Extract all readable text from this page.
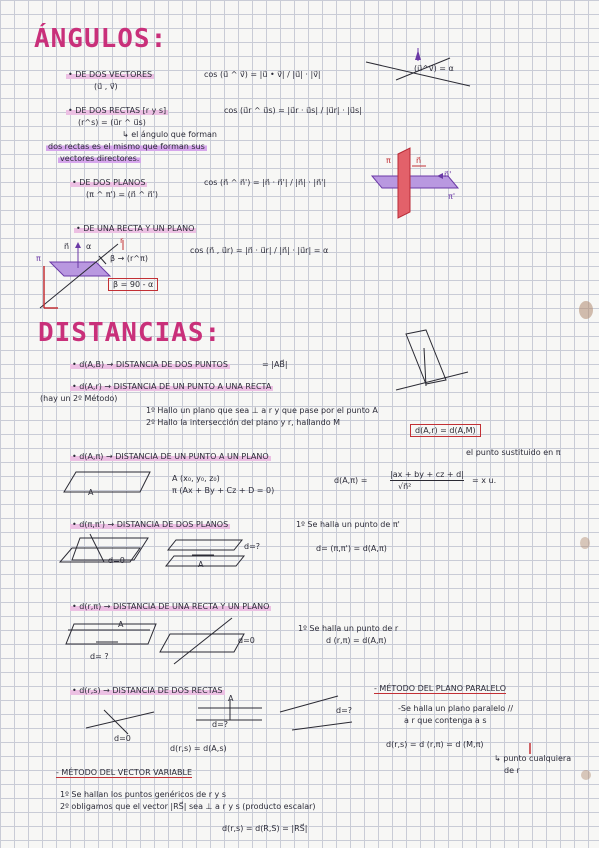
ÁNGULOS:
• DE DOS VECTORES
(u⃗ , v⃗)
cos (u⃗ ^ v⃗) = |u⃗ • v⃗| / |u⃗| · |v⃗|
(u⃗^v⃗) = α
• DE DOS RECTAS [r y s]
(r^s) = (u⃗r ^ u⃗s)
cos (u⃗r ^ u⃗s) = |u⃗r · u⃗s| / |u⃗r| · |u⃗s|
↳ el ángulo que forman
dos rectas es el mismo que forman sus
vectores directores.
• DE DOS PLANOS
(π ^ π') = (n⃗ ^ n⃗')
cos (n⃗ ^ n⃗') = |n⃗ · n⃗'| / |n⃗| · |n⃗'|
π
π'
n⃗
n⃗'
• DE UNA RECTA Y UN PLANO
cos (n⃗ , u⃗r) = |n⃗ · u⃗r| / |n⃗| · |u⃗r| = α
β → (r^π)
β = 90 - α
π
n⃗ α
r
DISTANCIAS:
• d(A,B) → DISTANCIA DE DOS PUNTOS	= |AB⃗|
• d(A,r) → DISTANCIA DE UN PUNTO A UNA RECTA
(hay un 2º Método)
1º Hallo un plano que sea ⊥ a r y que pase por el punto A
2º Hallo la intersección del plano y r, hallando M
d(A,r) = d(A,M)
• d(A,π) → DISTANCIA DE UN PUNTO A UN PLANO	el punto sustituido en π
A (x₀, y₀, z₀)
π (Ax + By + Cz + D = 0)
A
d(A,π) =
|ax + by + cz + d|
√n⃗²
= x u.
• d(π,π') → DISTANCIA DE DOS PLANOS	1º Se halla un punto de π'
d= (π,π') = d(A,π)
d=0
d=?
A
• d(r,π) → DISTANCIA DE UNA RECTA Y UN PLANO
1º Se halla un punto de r
d (r,π) = d(A,π)
d=0
d= ?
A
• d(r,s) → DISTANCIA DE DOS RECTAS
d=0
d=?
d=?
A
d(r,s) = d(A,s)
- MÉTODO DEL PLANO PARALELO
-Se halla un plano paralelo //
a r que contenga a s
d(r,s) = d (r,π) = d (M,π)
↳ punto cualquiera
de r
- MÉTODO DEL VECTOR VARIABLE
1º Se hallan los puntos genéricos de r y s
2º obligamos que el vector |RS⃗| sea ⊥ a r y s (producto escalar)
d(r,s) = d(R,S) = |RS⃗|
